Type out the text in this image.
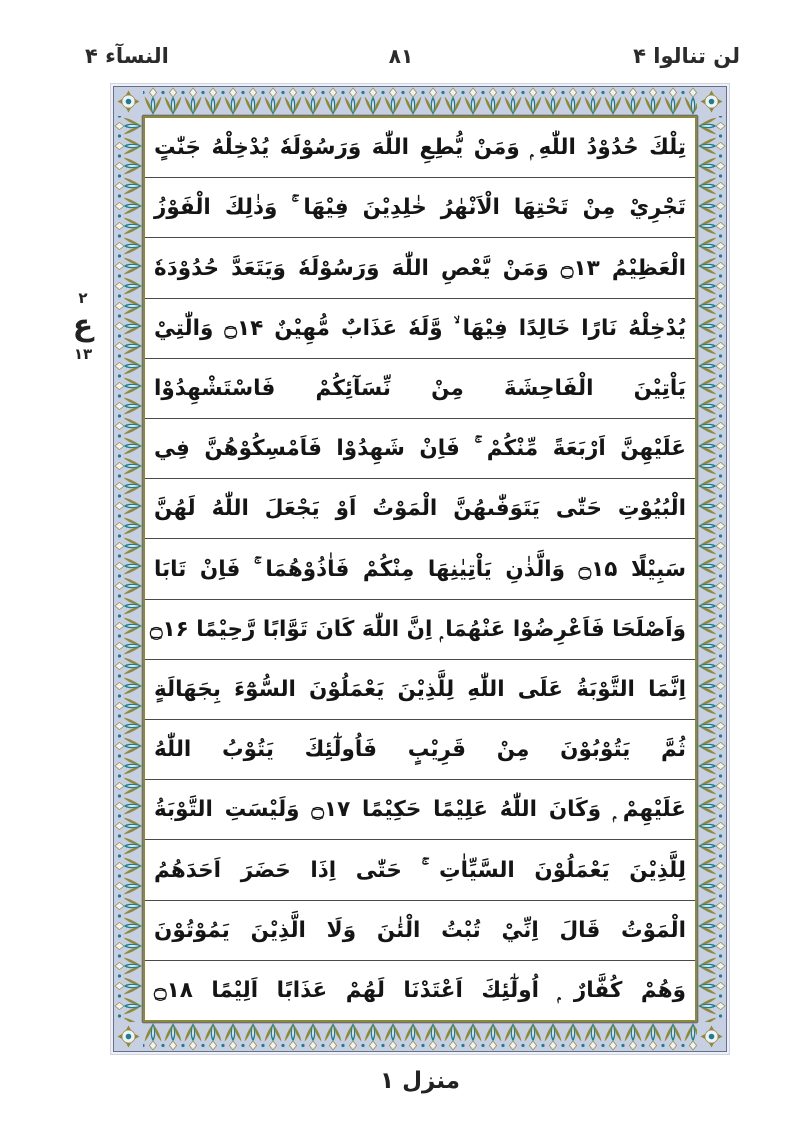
لن تنالوا ۴
۸۱
النسآء ۴
تِلْكَ حُدُوْدُ اللّٰهِ ۭ وَمَنْ يُّطِعِ اللّٰهَ وَرَسُوْلَهٗ يُدْخِلْهُ جَنّٰتٍ
تَجْرِيْ مِنْ تَحْتِهَا الْاَنْهٰرُ خٰلِدِيْنَ فِيْهَا ۚ وَذٰلِكَ الْفَوْزُ
الْعَظِيْمُ ۝۱۳ وَمَنْ يَّعْصِ اللّٰهَ وَرَسُوْلَهٗ وَيَتَعَدَّ حُدُوْدَهٗ
يُدْخِلْهُ نَارًا خَالِدًا فِيْهَا ۙ وَّلَهٗ عَذَابٌ مُّهِيْنٌ ۝۱۴ وَالّٰتِيْ
يَاْتِيْنَ الْفَاحِشَةَ مِنْ نِّسَآئِكُمْ فَاسْتَشْهِدُوْا
عَلَيْهِنَّ اَرْبَعَةً مِّنْكُمْ ۚ فَاِنْ شَهِدُوْا فَاَمْسِكُوْهُنَّ فِي
الْبُيُوْتِ حَتّٰى يَتَوَفّٰىهُنَّ الْمَوْتُ اَوْ يَجْعَلَ اللّٰهُ لَهُنَّ
سَبِيْلًا ۝۱۵ وَالَّذٰنِ يَاْتِيٰنِهَا مِنْكُمْ فَاٰذُوْهُمَا ۚ فَاِنْ تَابَا
وَاَصْلَحَا فَاَعْرِضُوْا عَنْهُمَا ۭ اِنَّ اللّٰهَ كَانَ تَوَّابًا رَّحِيْمًا ۝۱۶
اِنَّمَا التَّوْبَةُ عَلَى اللّٰهِ لِلَّذِيْنَ يَعْمَلُوْنَ السُّوْٓءَ بِجَهَالَةٍ
ثُمَّ يَتُوْبُوْنَ مِنْ قَرِيْبٍ فَاُولٰٓئِكَ يَتُوْبُ اللّٰهُ
عَلَيْهِمْ ۭ وَكَانَ اللّٰهُ عَلِيْمًا حَكِيْمًا ۝۱۷ وَلَيْسَتِ التَّوْبَةُ
لِلَّذِيْنَ يَعْمَلُوْنَ السَّيِّاٰتِ ۚ حَتّٰى اِذَا حَضَرَ اَحَدَهُمُ
الْمَوْتُ قَالَ اِنِّيْ تُبْتُ الْئٰنَ وَلَا الَّذِيْنَ يَمُوْتُوْنَ
وَهُمْ كُفَّارٌ ۭ اُولٰٓئِكَ اَعْتَدْنَا لَهُمْ عَذَابًا اَلِيْمًا ۝۱۸
۲
ع
۱۳
منزل ۱
